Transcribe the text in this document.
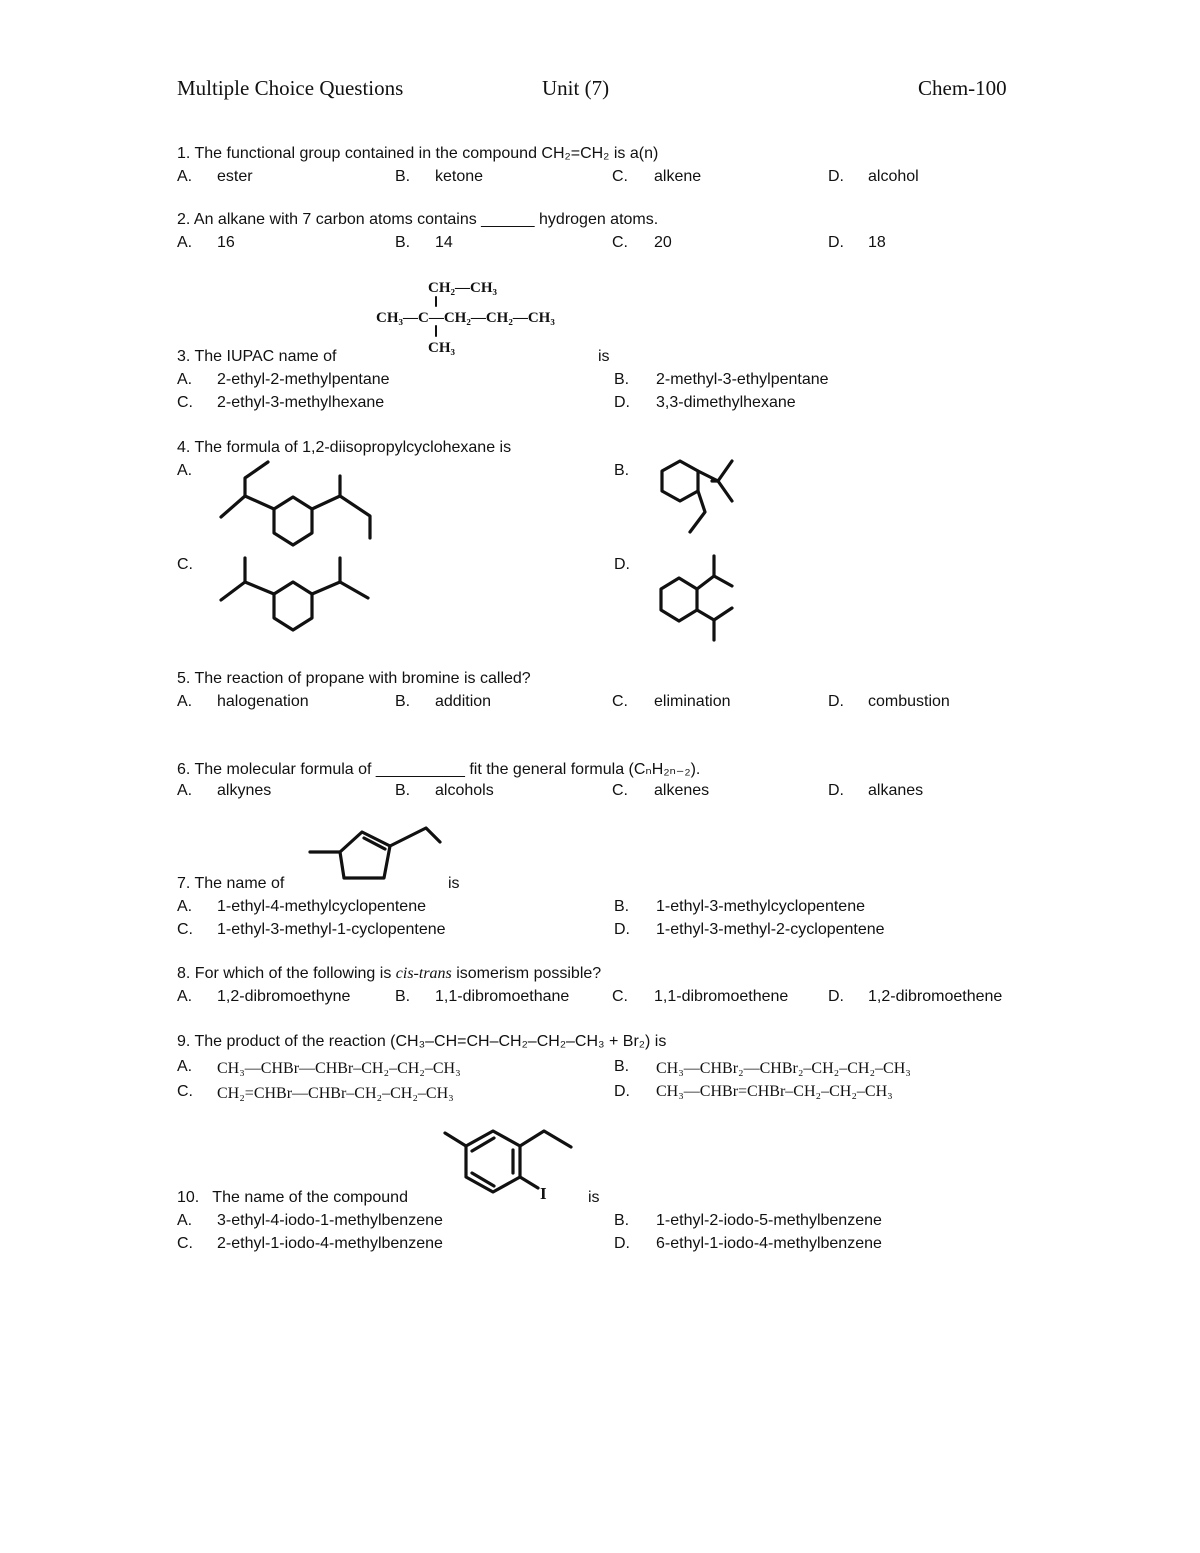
Multiple Choice Questions	Unit (7)	Chem-100
1. The functional group contained in the compound CH₂=CH₂ is a(n)
A. ester	B. ketone	C. alkene	D. alcohol
2. An alkane with 7 carbon atoms contains ______ hydrogen atoms.
A. 16	B. 14	C. 20	D. 18
CH₂—CH₃
CH₃—C—CH₂—CH₂—CH₃
CH₃
3. The IUPAC name of	is
A. 2-ethyl-2-methylpentane	B. 2-methyl-3-ethylpentane
C. 2-ethyl-3-methylhexane	D. 3,3-dimethylhexane
4. The formula of 1,2-diisopropylcyclohexane is
A.	B.
C.	D.
5. The reaction of propane with bromine is called?
A. halogenation	B. addition	C. elimination	D. combustion
6. The molecular formula of __________ fit the general formula (CₙH₂ₙ₋₂).
A. alkynes	B. alcohols	C. alkenes	D. alkanes
7. The name of	is
A. 1-ethyl-4-methylcyclopentene	B. 1-ethyl-3-methylcyclopentene
C. 1-ethyl-3-methyl-1-cyclopentene	D. 1-ethyl-3-methyl-2-cyclopentene
8. For which of the following is cis-trans isomerism possible?
A. 1,2-dibromoethyne	B. 1,1-dibromoethane	C. 1,1-dibromoethene D. 1,2-dibromoethene
9. The product of the reaction (CH₃–CH=CH–CH₂–CH₂–CH₃ + Br₂) is
A. CH₃—CHBr—CHBr–CH₂–CH₂–CH₃	B. CH₃—CHBr₂—CHBr₂–CH₂–CH₂–CH₃
C. CH₂=CHBr—CHBr–CH₂–CH₂–CH₃	D. CH₃—CHBr=CHBr–CH₂–CH₂–CH₃
I
10. The name of the compound	is
A. 3-ethyl-4-iodo-1-methylbenzene	B. 1-ethyl-2-iodo-5-methylbenzene
C. 2-ethyl-1-iodo-4-methylbenzene	D. 6-ethyl-1-iodo-4-methylbenzene
